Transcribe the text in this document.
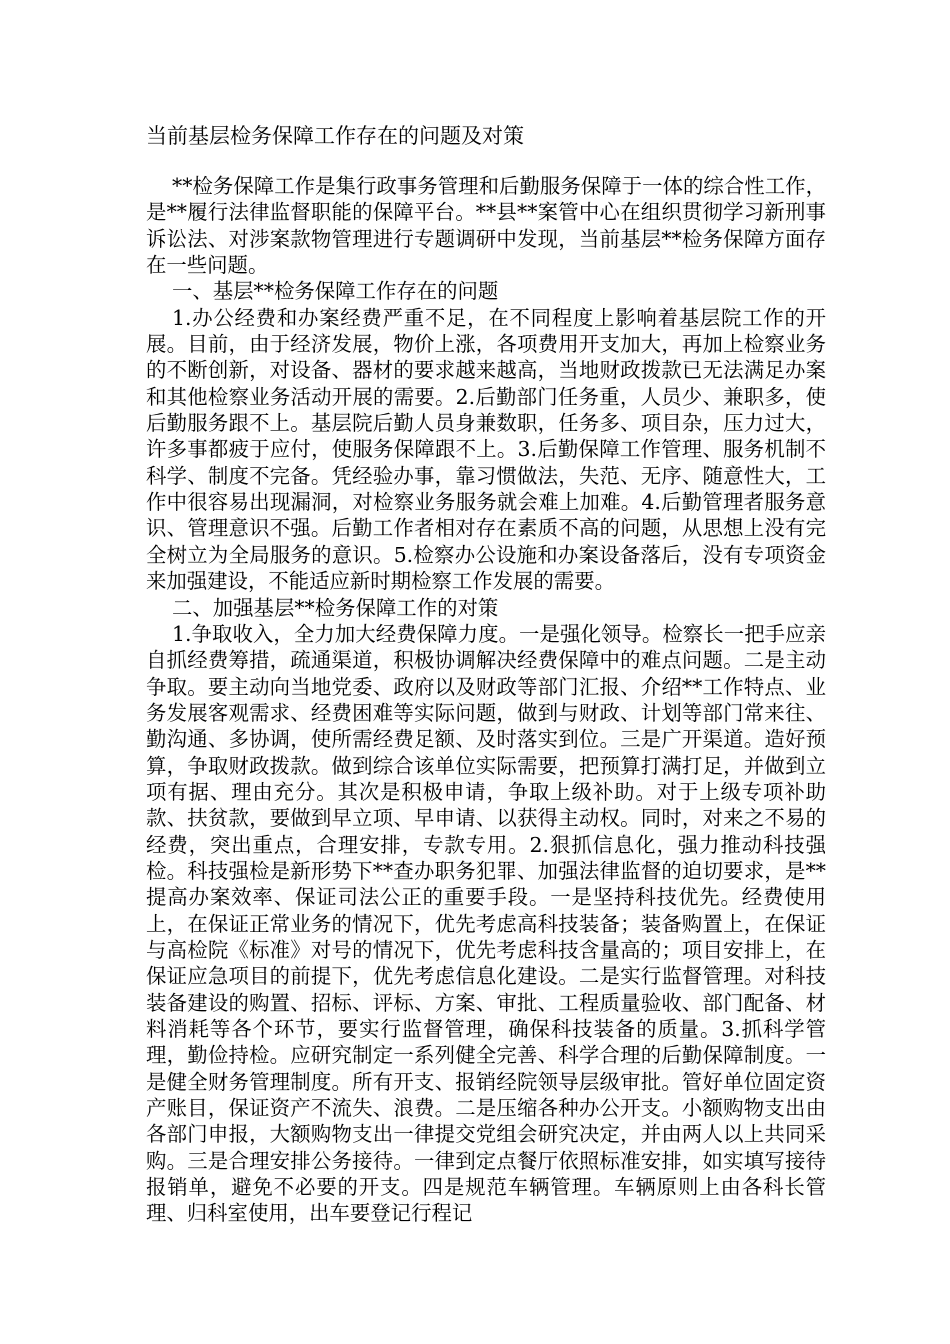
当前基层检务保障工作存在的问题及对策

**检务保障工作是集行政事务管理和后勤服务保障于一体的综合性工作，是**履行法律监督职能的保障平台。**县**案管中心在组织贯彻学习新刑事诉讼法、对涉案款物管理进行专题调研中发现，当前基层**检务保障方面存在一些问题。

一、基层**检务保障工作存在的问题

1.办公经费和办案经费严重不足，在不同程度上影响着基层院工作的开展。目前，由于经济发展，物价上涨，各项费用开支加大，再加上检察业务的不断创新，对设备、器材的要求越来越高，当地财政拨款已无法满足办案和其他检察业务活动开展的需要。2.后勤部门任务重，人员少、兼职多，使后勤服务跟不上。基层院后勤人员身兼数职，任务多、项目杂，压力过大，许多事都疲于应付，使服务保障跟不上。3.后勤保障工作管理、服务机制不科学、制度不完备。凭经验办事，靠习惯做法，失范、无序、随意性大，工作中很容易出现漏洞，对检察业务服务就会难上加难。4.后勤管理者服务意识、管理意识不强。后勤工作者相对存在素质不高的问题，从思想上没有完全树立为全局服务的意识。5.检察办公设施和办案设备落后，没有专项资金来加强建设，不能适应新时期检察工作发展的需要。

二、加强基层**检务保障工作的对策

1.争取收入，全力加大经费保障力度。一是强化领导。检察长一把手应亲自抓经费筹措，疏通渠道，积极协调解决经费保障中的难点问题。二是主动争取。要主动向当地党委、政府以及财政等部门汇报、介绍**工作特点、业务发展客观需求、经费困难等实际问题，做到与财政、计划等部门常来往、勤沟通、多协调，使所需经费足额、及时落实到位。三是广开渠道。造好预算，争取财政拨款。做到综合该单位实际需要，把预算打满打足，并做到立项有据、理由充分。其次是积极申请，争取上级补助。对于上级专项补助款、扶贫款，要做到早立项、早申请、以获得主动权。同时，对来之不易的经费，突出重点，合理安排，专款专用。2.狠抓信息化，强力推动科技强检。科技强检是新形势下**查办职务犯罪、加强法律监督的迫切要求，是**提高办案效率、保证司法公正的重要手段。一是坚持科技优先。经费使用上，在保证正常业务的情况下，优先考虑高科技装备；装备购置上，在保证与高检院《标准》对号的情况下，优先考虑科技含量高的；项目安排上，在保证应急项目的前提下，优先考虑信息化建设。二是实行监督管理。对科技装备建设的购置、招标、评标、方案、审批、工程质量验收、部门配备、材料消耗等各个环节，要实行监督管理，确保科技装备的质量。3.抓科学管理，勤俭持检。应研究制定一系列健全完善、科学合理的后勤保障制度。一是健全财务管理制度。所有开支、报销经院领导层级审批。管好单位固定资产账目，保证资产不流失、浪费。二是压缩各种办公开支。小额购物支出由各部门申报，大额购物支出一律提交党组会研究决定，并由两人以上共同采购。三是合理安排公务接待。一律到定点餐厅依照标准安排，如实填写接待报销单，避免不必要的开支。四是规范车辆管理。车辆原则上由各科长管理、归科室使用，出车要登记行程记
